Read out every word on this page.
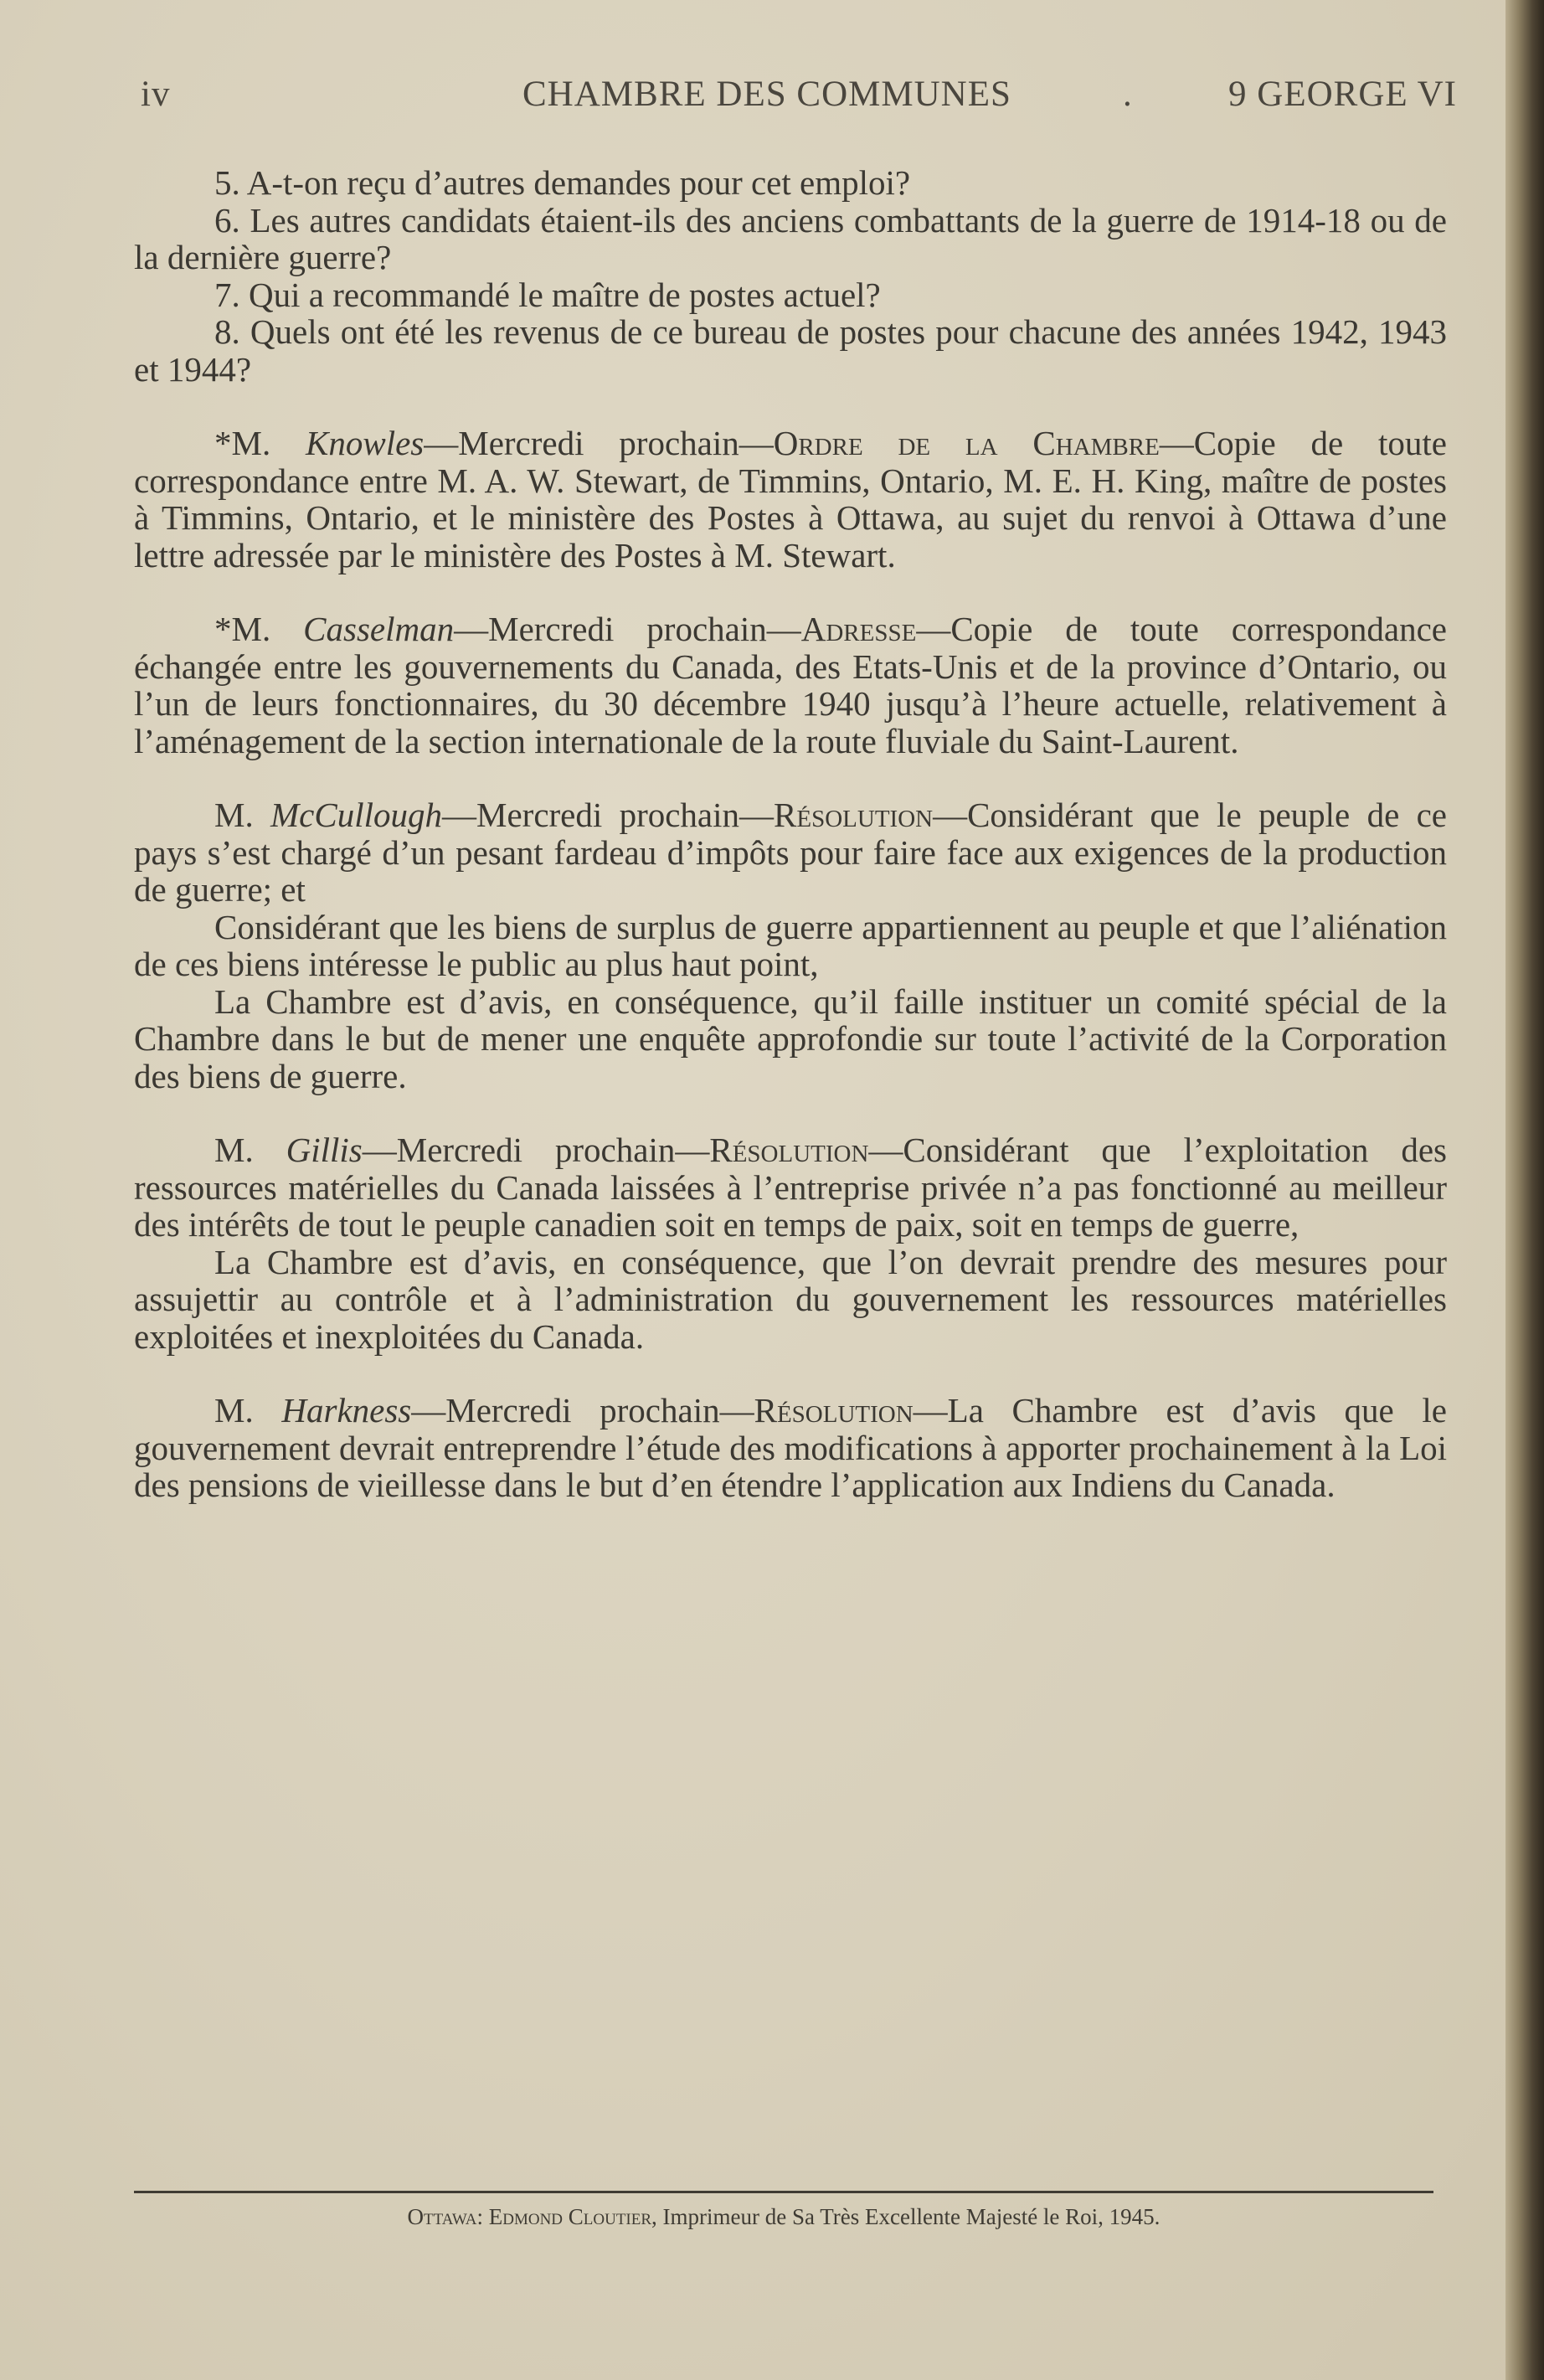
iv	CHAMBRE DES COMMUNES	.	9 GEORGE VI

5. A-t-on reçu d’autres demandes pour cet emploi?

6. Les autres candidats étaient-ils des anciens combattants de la guerre de 1914-18 ou de la dernière guerre?

7. Qui a recommandé le maître de postes actuel?

8. Quels ont été les revenus de ce bureau de postes pour chacune des années 1942, 1943 et 1944?

*M. Knowles—Mercredi prochain—Ordre de la Chambre—Copie de toute correspondance entre M. A. W. Stewart, de Timmins, Ontario, M. E. H. King, maître de postes à Timmins, Ontario, et le ministère des Postes à Ottawa, au sujet du renvoi à Ottawa d’une lettre adressée par le ministère des Postes à M. Stewart.

*M. Casselman—Mercredi prochain—Adresse—Copie de toute correspondance échangée entre les gouvernements du Canada, des Etats-Unis et de la province d’Ontario, ou l’un de leurs fonctionnaires, du 30 décembre 1940 jusqu’à l’heure actuelle, relativement à l’aménagement de la section internationale de la route fluviale du Saint-Laurent.

M. McCullough—Mercredi prochain—Résolution—Considérant que le peuple de ce pays s’est chargé d’un pesant fardeau d’impôts pour faire face aux exigences de la production de guerre; et

Considérant que les biens de surplus de guerre appartiennent au peuple et que l’aliénation de ces biens intéresse le public au plus haut point,

La Chambre est d’avis, en conséquence, qu’il faille instituer un comité spécial de la Chambre dans le but de mener une enquête approfondie sur toute l’activité de la Corporation des biens de guerre.

M. Gillis—Mercredi prochain—Résolution—Considérant que l’exploitation des ressources matérielles du Canada laissées à l’entreprise privée n’a pas fonctionné au meilleur des intérêts de tout le peuple canadien soit en temps de paix, soit en temps de guerre,

La Chambre est d’avis, en conséquence, que l’on devrait prendre des mesures pour assujettir au contrôle et à l’administration du gouvernement les ressources matérielles exploitées et inexploitées du Canada.

M. Harkness—Mercredi prochain—Résolution—La Chambre est d’avis que le gouvernement devrait entreprendre l’étude des modifications à apporter prochainement à la Loi des pensions de vieillesse dans le but d’en étendre l’application aux Indiens du Canada.

Ottawa: Edmond Cloutier, Imprimeur de Sa Très Excellente Majesté le Roi, 1945.
